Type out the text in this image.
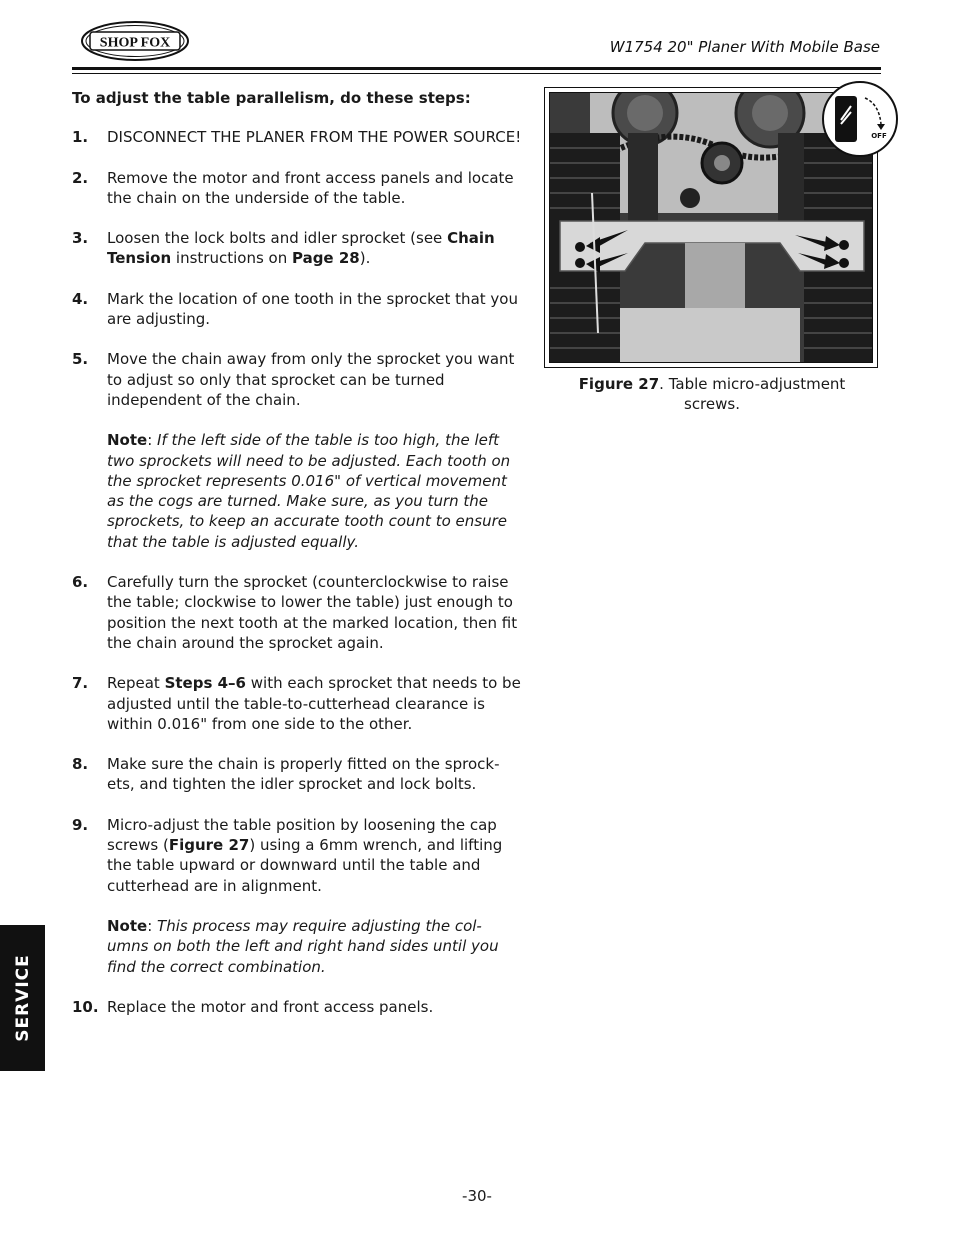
SHOP FOX	W1754 20" Planer With Mobile Base

To adjust the table parallelism, do these steps:

1. DISCONNECT THE PLANER FROM THE POWER SOURCE!

2. Remove the motor and front access panels and locate the chain on the underside of the table.

3. Loosen the lock bolts and idler sprocket (see Chain Tension instructions on Page 28).

4. Mark the location of one tooth in the sprocket that you are adjusting.

5. Move the chain away from only the sprocket you want to adjust so only that sprocket can be turned independent of the chain.

Note: If the left side of the table is too high, the left two sprockets will need to be adjusted. Each tooth on the sprocket represents 0.016" of vertical movement as the cogs are turned. Make sure, as you turn the sprockets, to keep an accurate tooth count to ensure that the table is adjusted equally.

6. Carefully turn the sprocket (counterclockwise to raise the table; clockwise to lower the table) just enough to position the next tooth at the marked location, then fit the chain around the sprocket again.

7. Repeat Steps 4–6 with each sprocket that needs to be adjusted until the table-to-cutterhead clearance is within 0.016" from one side to the other.

8. Make sure the chain is properly fitted on the sprock-ets, and tighten the idler sprocket and lock bolts.

9. Micro-adjust the table position by loosening the cap screws (Figure 27) using a 6mm wrench, and lifting the table upward or downward until the table and cutterhead are in alignment.

Note: This process may require adjusting the col-umns on both the left and right hand sides until you find the correct combination.

10. Replace the motor and front access panels.

OFF
Figure 27. Table micro-adjustment screws.
SERVICE
-30-
